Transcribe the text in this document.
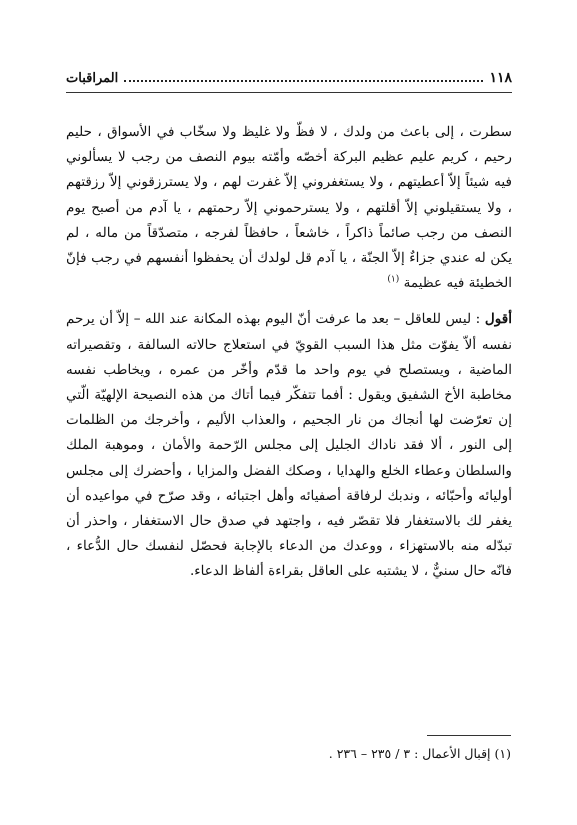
١١٨
المراقبات

سطرت ، إلى باعث من ولدك ، لا فظّ ولا غليظ ولا سخّاب في الأسواق ، حليم رحيم ، كريم عليم عظيم البركة أخصّه وأمّته بيوم النصف من رجب لا يسألوني فيه شيئاً إلاّ أعطيتهم ، ولا يستغفروني إلاّ غفرت لهم ، ولا يسترزقوني إلاّ رزقتهم ، ولا يستقيلوني إلاّ أقلتهم ، ولا يسترحموني إلاّ رحمتهم ، يا آدم من أصبح يوم النصف من رجب صائماً ذاكراً ، خاشعاً ، حافظاً لفرجه ، متصدّقاً من ماله ، لم يكن له عندي جزاءٌ إلاّ الجنّة ، يا آدم قل لولدك أن يحفظوا أنفسهم في رجب فإنّ الخطيئة فيه عظيمة $^{(١)}$

أقول : ليس للعاقل – بعد ما عرفت أنّ اليوم بهذه المكانة عند الله – إلاّ أن يرحم نفسه ألاّ يفوّت مثل هذا السبب القويّ في استعلاج حالاته السالفة ، وتقصيراته الماضية ، ويستصلح في يوم واحد ما قدّم وأخّر من عمره ، ويخاطب نفسه مخاطبة الأخ الشفيق ويقول : أفما تتفكّر فيما أتاك من هذه النصيحة الإلهيّة الّتي إن تعرّضت لها أنجاك من نار الجحيم ، والعذاب الأليم ، وأخرجك من الظلمات إلى النور ، ألا فقد ناداك الجليل إلى مجلس الرّحمة والأمان ، وموهبة الملك والسلطان وعطاء الخلع والهدايا ، وصكك الفضل والمزايا ، وأحضرك إلى مجلس أوليائه وأحبّائه ، وندبك لرفاقة أصفيائه وأهل اجتبائه ، وقد صرّح في مواعيده أن يغفر لك بالاستغفار فلا تقصّر فيه ، واجتهد في صدق حال الاستغفار ، واحذر أن تبدّله منه بالاستهزاء ، ووعدك من الدعاء بالإجابة فحصّل لنفسك حال الدُّعاء ، فانّه حال سنيٌّ ، لا يشتبه على العاقل بقراءة ألفاظ الدعاء.

(١) إقبال الأعمال : ٣ / ٢٣٥ – ٢٣٦ .
